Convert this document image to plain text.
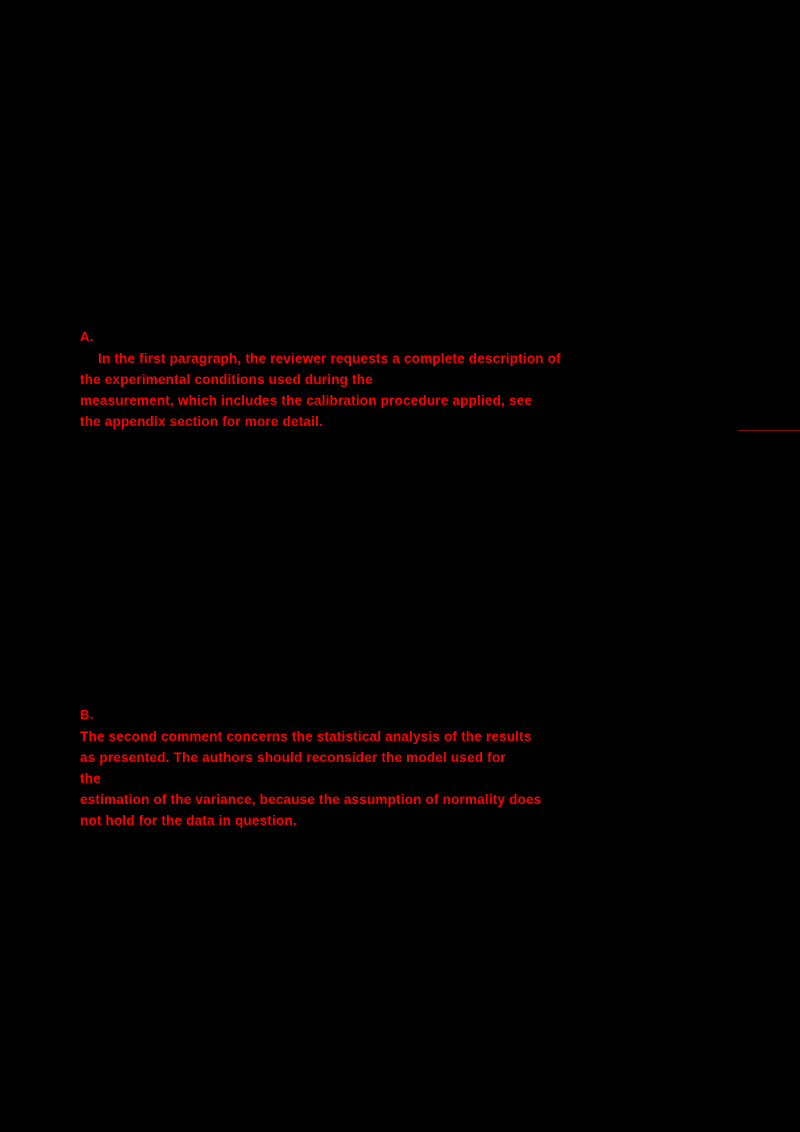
A.
In the first paragraph, the reviewer requests a complete description of
the experimental conditions used during the
measurement, which includes the calibration procedure applied, see
the appendix section for more detail.
B.
The second comment concerns the statistical analysis of the results
as presented. The authors should reconsider the model used for
the
estimation of the variance, because the assumption of normality does
not hold for the data in question.
